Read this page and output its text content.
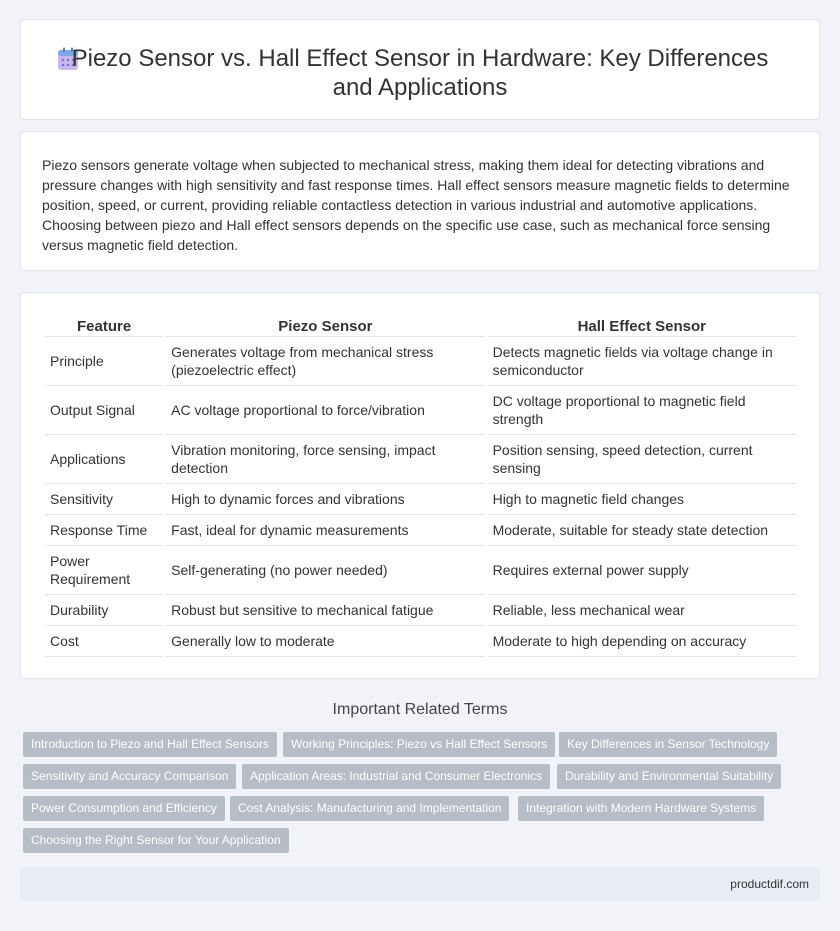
Piezo Sensor vs. Hall Effect Sensor in Hardware: Key Differences
and Applications

Piezo sensors generate voltage when subjected to mechanical stress, making them ideal for detecting vibrations and pressure changes with high sensitivity and fast response times. Hall effect sensors measure magnetic fields to determine position, speed, or current, providing reliable contactless detection in various industrial and automotive applications. Choosing between piezo and Hall effect sensors depends on the specific use case, such as mechanical force sensing versus magnetic field detection.

Feature	Piezo Sensor	Hall Effect Sensor
Principle	Generates voltage from mechanical stress (piezoelectric effect)	Detects magnetic fields via voltage change in semiconductor
Output Signal	AC voltage proportional to force/vibration	DC voltage proportional to magnetic field strength
Applications	Vibration monitoring, force sensing, impact detection	Position sensing, speed detection, current sensing
Sensitivity	High to dynamic forces and vibrations	High to magnetic field changes
Response Time	Fast, ideal for dynamic measurements	Moderate, suitable for steady state detection
Power Requirement	Self-generating (no power needed)	Requires external power supply
Durability	Robust but sensitive to mechanical fatigue	Reliable, less mechanical wear
Cost	Generally low to moderate	Moderate to high depending on accuracy
Important Related Terms
Introduction to Piezo and Hall Effect Sensors	Working Principles: Piezo vs Hall Effect Sensors	Key Differences in Sensor Technology
Sensitivity and Accuracy Comparison	Application Areas: Industrial and Consumer Electronics	Durability and Environmental Suitability
Power Consumption and Efficiency	Cost Analysis: Manufacturing and Implementation	Integration with Modern Hardware Systems
Choosing the Right Sensor for Your Application
productdif.com
